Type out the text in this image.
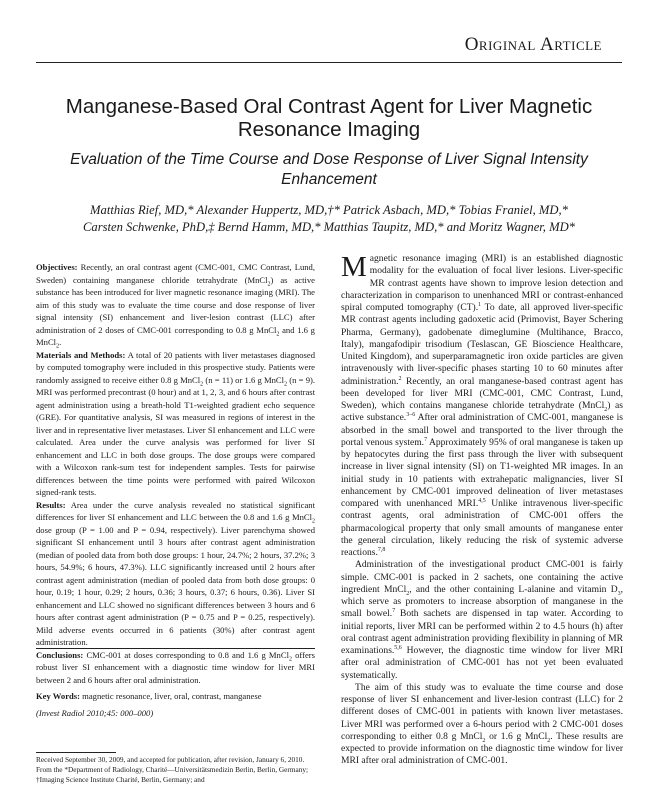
Original Article
Manganese-Based Oral Contrast Agent for Liver Magnetic Resonance Imaging
Evaluation of the Time Course and Dose Response of Liver Signal Intensity Enhancement
Matthias Rief, MD,* Alexander Huppertz, MD,†* Patrick Asbach, MD,* Tobias Franiel, MD,*
Carsten Schwenke, PhD,‡ Bernd Hamm, MD,* Matthias Taupitz, MD,* and Moritz Wagner, MD*

Objectives: Recently, an oral contrast agent (CMC-001, CMC Contrast, Lund, Sweden) containing manganese chloride tetrahydrate (MnCl$_2$) as active substance has been introduced for liver magnetic resonance imaging (MRI). The aim of this study was to evaluate the time course and dose response of liver signal intensity (SI) enhancement and liver-lesion contrast (LLC) after administration of 2 doses of CMC-001 corresponding to 0.8 g MnCl$_2$ and 1.6 g MnCl$_2$.

Materials and Methods: A total of 20 patients with liver metastases diagnosed by computed tomography were included in this prospective study. Patients were randomly assigned to receive either 0.8 g MnCl$_2$ (n = 11) or 1.6 g MnCl$_2$ (n = 9). MRI was performed precontrast (0 hour) and at 1, 2, 3, and 6 hours after contrast agent administration using a breath-hold T1-weighted gradient echo sequence (GRE). For quantitative analysis, SI was measured in regions of interest in the liver and in representative liver metastases. Liver SI enhancement and LLC were calculated. Area under the curve analysis was performed for liver SI enhancement and LLC in both dose groups. The dose groups were compared with a Wilcoxon rank-sum test for independent samples. Tests for pairwise differences between the time points were performed with paired Wilcoxon signed-rank tests.

Results: Area under the curve analysis revealed no statistical significant differences for liver SI enhancement and LLC between the 0.8 and 1.6 g MnCl$_2$ dose group (P = 1.00 and P = 0.94, respectively). Liver parenchyma showed significant SI enhancement until 3 hours after contrast agent administration (median of pooled data from both dose groups: 1 hour, 24.7%; 2 hours, 37.2%; 3 hours, 54.9%; 6 hours, 47.3%). LLC significantly increased until 2 hours after contrast agent administration (median of pooled data from both dose groups: 0 hour, 0.19; 1 hour, 0.29; 2 hours, 0.36; 3 hours, 0.37; 6 hours, 0.36). Liver SI enhancement and LLC showed no significant differences between 3 hours and 6 hours after contrast agent administration (P = 0.75 and P = 0.25, respectively). Mild adverse events occurred in 6 patients (30%) after contrast agent administration.

Conclusions: CMC-001 at doses corresponding to 0.8 and 1.6 g MnCl$_2$ offers robust liver SI enhancement with a diagnostic time window for liver MRI between 2 and 6 hours after oral administration.

Key Words: magnetic resonance, liver, oral, contrast, manganese

(Invest Radiol 2010;45: 000–000)

Received September 30, 2009, and accepted for publication, after revision, January 6, 2010.

From the *Department of Radiology, Charité—Universitätsmedizin Berlin, Berlin, Germany; †Imaging Science Institute Charité, Berlin, Germany; and

Magnetic resonance imaging (MRI) is an established diagnostic modality for the evaluation of focal liver lesions. Liver-specific MR contrast agents have shown to improve lesion detection and characterization in comparison to unenhanced MRI or contrast-enhanced spiral computed tomography (CT).$^1$ To date, all approved liver-specific MR contrast agents including gadoxetic acid (Primovist, Bayer Schering Pharma, Germany), gadobenate dimeglumine (Multihance, Bracco, Italy), mangafodipir trisodium (Teslascan, GE Bioscience Healthcare, United Kingdom), and superparamagnetic iron oxide particles are given intravenously with liver-specific phases starting 10 to 60 minutes after administration.$^2$ Recently, an oral manganese-based contrast agent has been developed for liver MRI (CMC-001, CMC Contrast, Lund, Sweden), which contains manganese chloride tetrahydrate (MnCl$_2$) as active substance.$^{3-6}$ After oral administration of CMC-001, manganese is absorbed in the small bowel and transported to the liver through the portal venous system.$^7$ Approximately 95% of oral manganese is taken up by hepatocytes during the first pass through the liver with subsequent increase in liver signal intensity (SI) on T1-weighted MR images. In an initial study in 10 patients with extrahepatic malignancies, liver SI enhancement by CMC-001 improved delineation of liver metastases compared with unenhanced MRI.$^{4,5}$ Unlike intravenous liver-specific contrast agents, oral administration of CMC-001 offers the pharmacological property that only small amounts of manganese enter the general circulation, likely reducing the risk of systemic adverse reactions.$^{7,8}$

Administration of the investigational product CMC-001 is fairly simple. CMC-001 is packed in 2 sachets, one containing the active ingredient MnCl$_2$, and the other containing L-alanine and vitamin $D_3$, which serve as promoters to increase absorption of manganese in the small bowel.$^7$ Both sachets are dispensed in tap water. According to initial reports, liver MRI can be performed within 2 to 4.5 hours (h) after oral contrast agent administration providing flexibility in planning of MR examinations.$^{5,6}$ However, the diagnostic time window for liver MRI after oral administration of CMC-001 has not yet been evaluated systematically.

The aim of this study was to evaluate the time course and dose response of liver SI enhancement and liver-lesion contrast (LLC) for 2 different doses of CMC-001 in patients with known liver metastases. Liver MRI was performed over a 6-hours period with 2 CMC-001 doses corresponding to either 0.8 g MnCl$_2$ or 1.6 g MnCl$_2$. These results are expected to provide information on the diagnostic time window for liver MRI after oral administration of CMC-001.
